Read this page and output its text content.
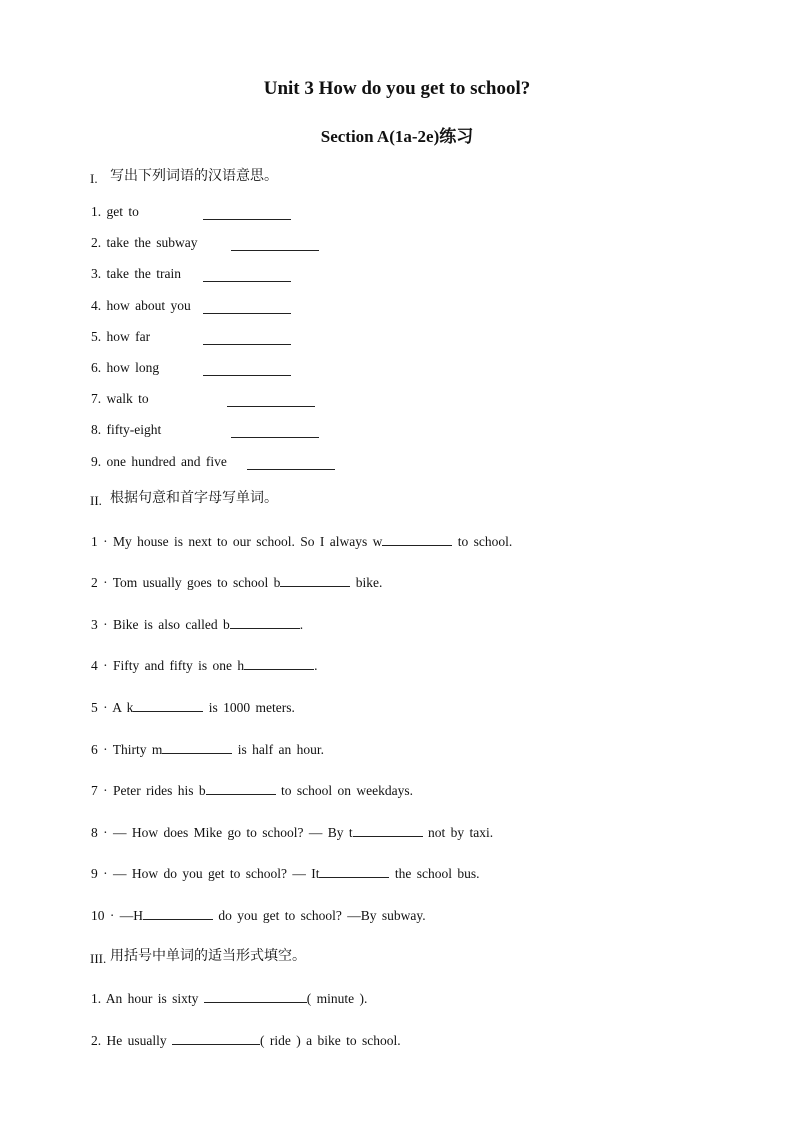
Unit 3 How do you get to school?
Section A(1a-2e)练习
I. 写出下列词语的汉语意思。
1. get to
2. take the subway
3. take the train
4. how about you
5. how far
6. how long
7. walk to
8. fifty-eight
9. one hundred and five
II. 根据句意和首字母写单词。
1 · My house is next to our school. So I always w	to school.
2 · Tom usually goes to school b	bike.
3 · Bike is also called b	.
4 · Fifty and fifty is one h	.
5 · A k	is 1000 meters.
6 · Thirty m	is half an hour.
7 · Peter rides his b	to school on weekdays.
8 · — How does Mike go to school? — By t	not by taxi.
9 · — How do you get to school? — It	the school bus.
10 · —H	do you get to school? —By subway.
III. 用括号中单词的适当形式填空。
1. An hour is sixty	( minute ).
2. He usually	( ride ) a bike to school.
